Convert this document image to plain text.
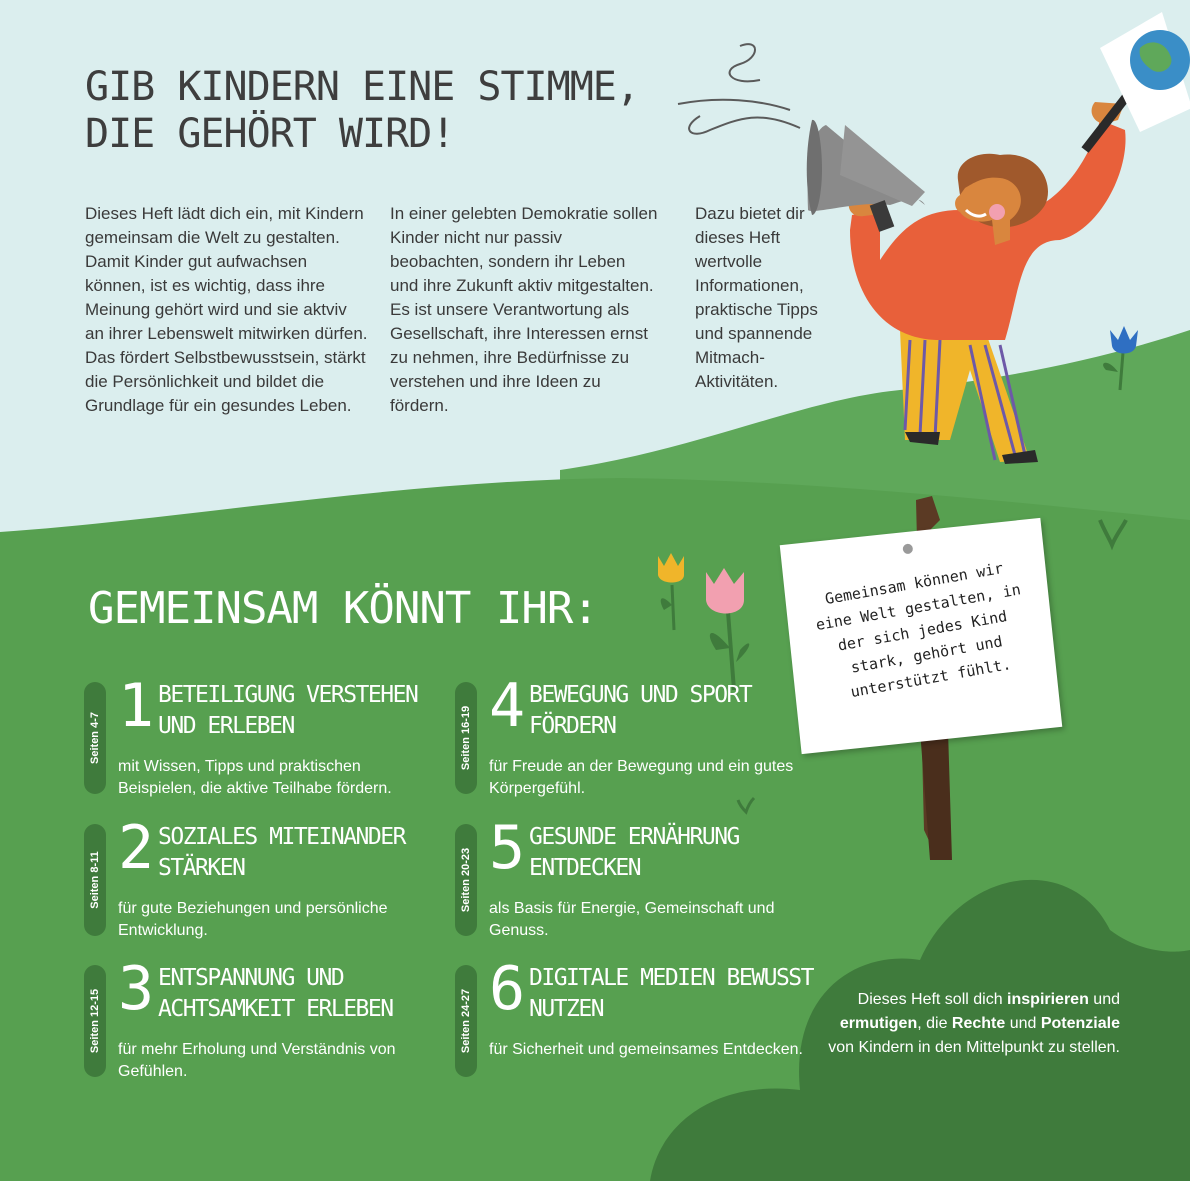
GIB KINDERN EINE STIMME,
DIE GEHÖRT WIRD!

Dieses Heft lädt dich ein, mit Kindern gemeinsam die Welt zu gestalten. Damit Kinder gut aufwachsen können, ist es wichtig, dass ihre Meinung gehört wird und sie aktviv an ihrer Lebenswelt mitwirken dürfen. Das fördert Selbstbewusstsein, stärkt die Persönlichkeit und bildet die Grundlage für ein gesundes Leben.

In einer gelebten Demokratie sollen Kinder nicht nur passiv beobachten, sondern ihr Leben und ihre Zukunft aktiv mitgestalten. Es ist unsere Verantwortung als Gesellschaft, ihre Interessen ernst zu nehmen, ihre Bedürfnisse zu verstehen und ihre Ideen zu fördern.

Dazu bietet dir dieses Heft wertvolle Informationen, praktische Tipps und spannende Mitmach-Aktivitäten.

GEMEINSAM KÖNNT IHR:
Seiten 4-7 1 BETEILIGUNG VERSTEHEN UND ERLEBEN
mit Wissen, Tipps und praktischen Beispielen, die aktive Teilhabe fördern.
Seiten 8-11 2 SOZIALES MITEINANDER STÄRKEN
für gute Beziehungen und persönliche Entwicklung.
Seiten 12-15 3 ENTSPANNUNG UND ACHTSAMKEIT ERLEBEN
für mehr Erholung und Verständnis von Gefühlen.
Seiten 16-19 4 BEWEGUNG UND SPORT FÖRDERN
für Freude an der Bewegung und ein gutes Körpergefühl.
Seiten 20-23 5 GESUNDE ERNÄHRUNG ENTDECKEN
als Basis für Energie, Gemeinschaft und Genuss.
Seiten 24-27 6 DIGITALE MEDIEN BEWUSST NUTZEN
für Sicherheit und gemeinsames Entdecken.

Gemeinsam können wir eine Welt gestalten, in der sich jedes Kind stark, gehört und unterstützt fühlt.

Dieses Heft soll dich inspirieren und ermutigen, die Rechte und Potenziale von Kindern in den Mittelpunkt zu stellen.
